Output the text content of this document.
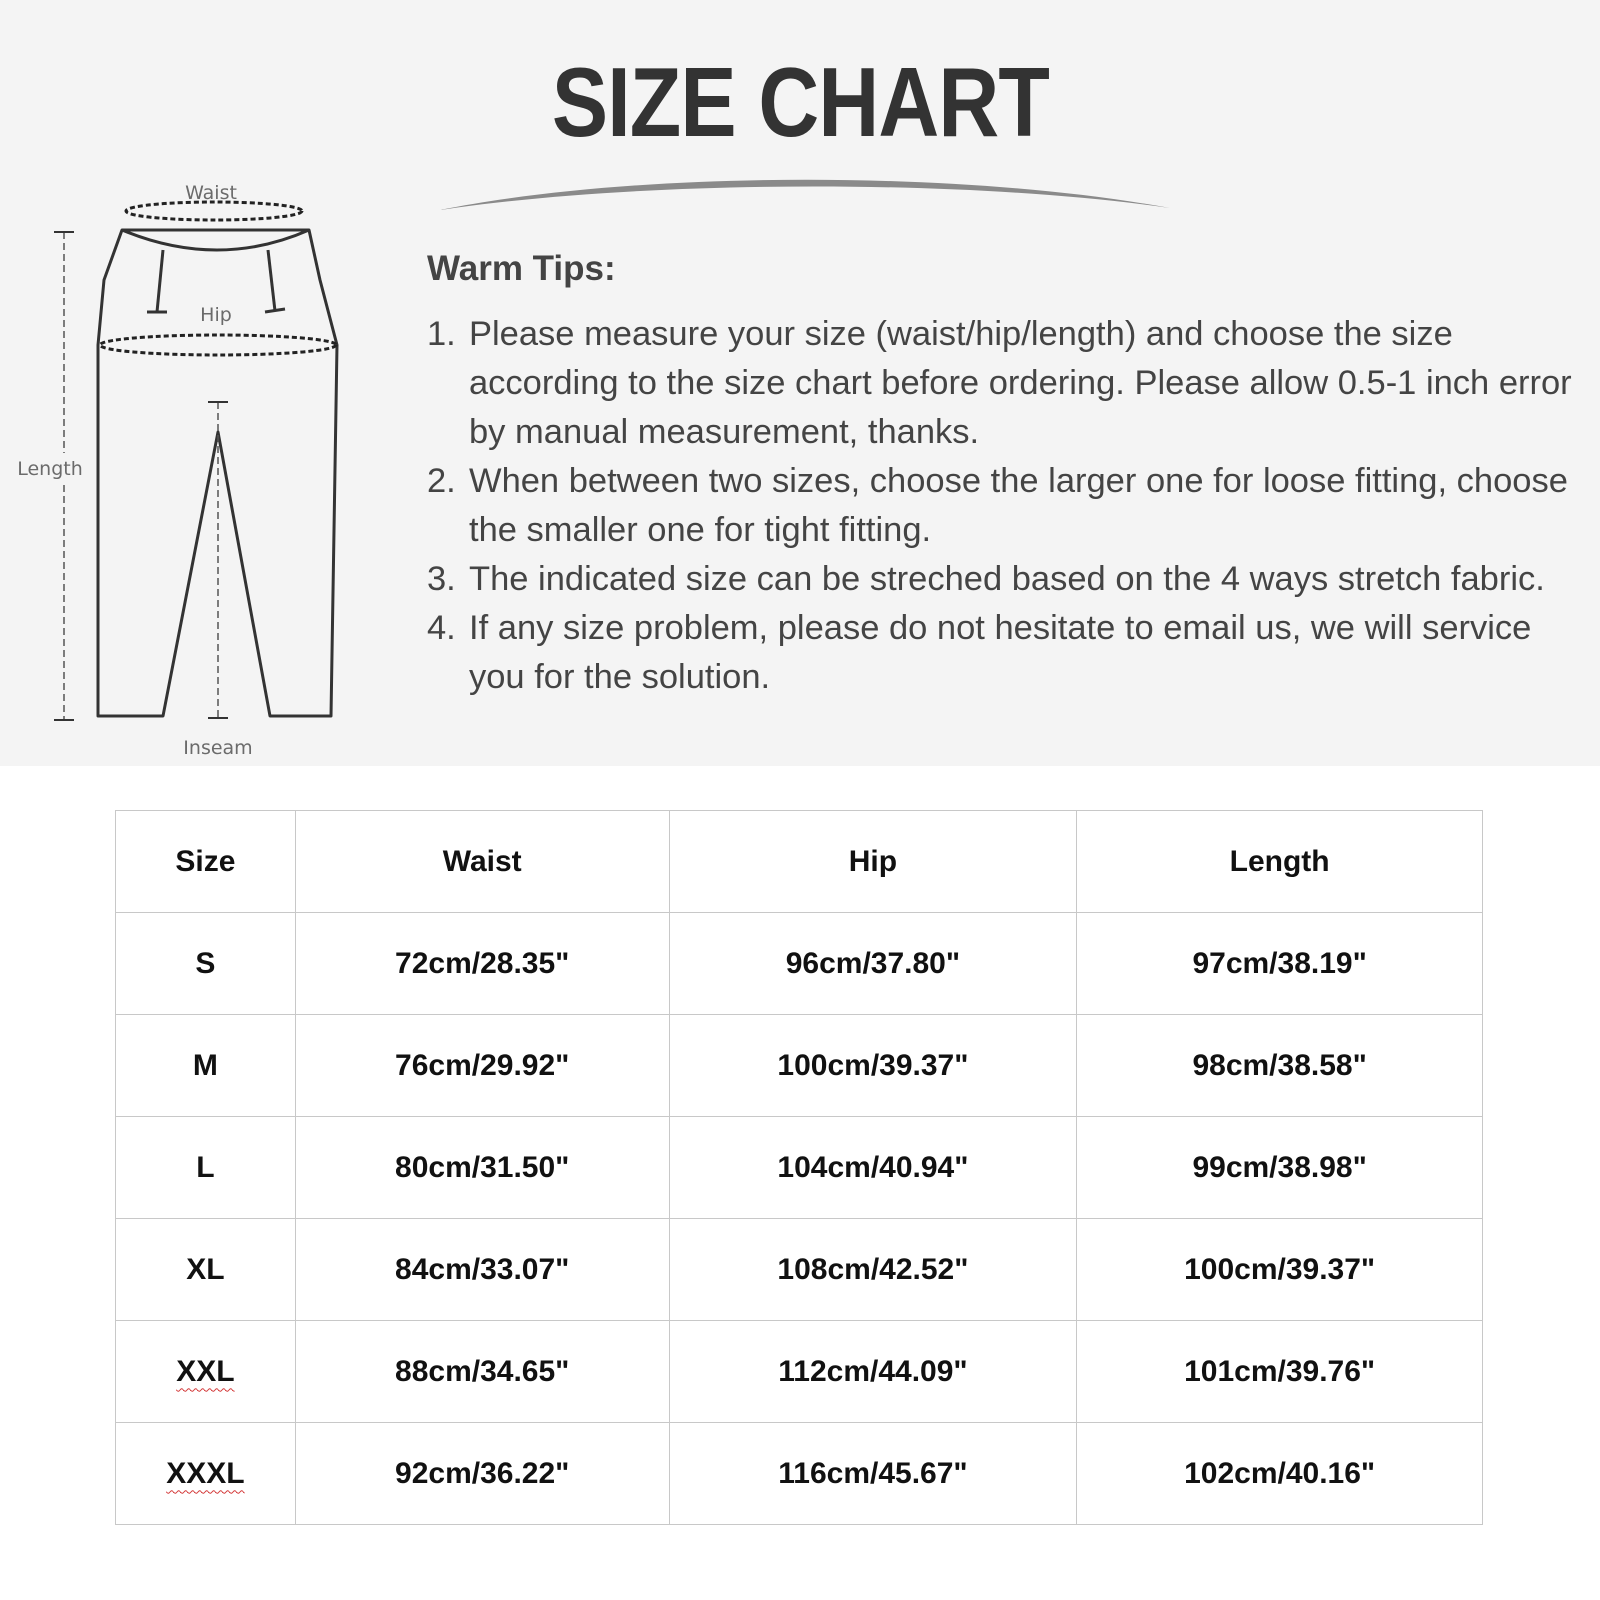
SIZE CHART
Waist
Hip
Length
Inseam
Warm Tips:
1. Please measure your size (waist/hip/length) and choose the size according to the size chart before ordering. Please allow 0.5-1 inch error by manual measurement, thanks.
2. When between two sizes, choose the larger one for loose fitting, choose the smaller one for tight fitting.
3. The indicated size can be streched based on the 4 ways stretch fabric.
4. If any size problem, please do not hesitate to email us, we will service you for the solution.
Size	Waist	Hip	Length
S	72cm/28.35"	96cm/37.80"	97cm/38.19"
M	76cm/29.92"	100cm/39.37"	98cm/38.58"
L	80cm/31.50"	104cm/40.94"	99cm/38.98"
XL	84cm/33.07"	108cm/42.52"	100cm/39.37"
XXL	88cm/34.65"	112cm/44.09"	101cm/39.76"
XXXL	92cm/36.22"	116cm/45.67"	102cm/40.16"
